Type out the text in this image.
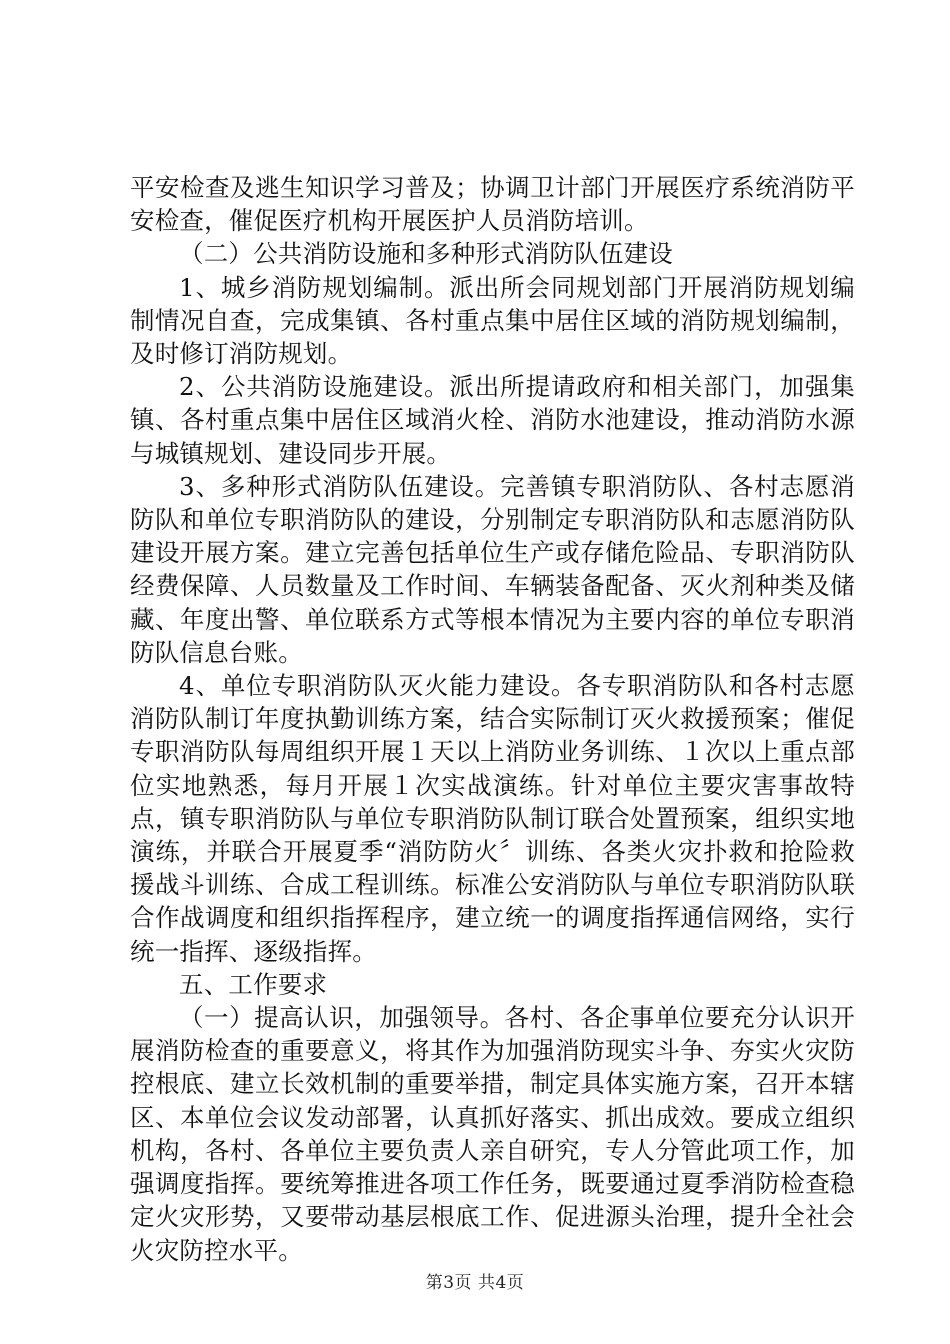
平安检查及逃生知识学习普及；协调卫计部门开展医疗系统消防平安检查，催促医疗机构开展医护人员消防培训。

（二）公共消防设施和多种形式消防队伍建设

1、城乡消防规划编制。派出所会同规划部门开展消防规划编制情况自查，完成集镇、各村重点集中居住区域的消防规划编制，及时修订消防规划。

2、公共消防设施建设。派出所提请政府和相关部门，加强集镇、各村重点集中居住区域消火栓、消防水池建设，推动消防水源与城镇规划、建设同步开展。

3、多种形式消防队伍建设。完善镇专职消防队、各村志愿消防队和单位专职消防队的建设，分别制定专职消防队和志愿消防队建设开展方案。建立完善包括单位生产或存储危险品、专职消防队经费保障、人员数量及工作时间、车辆装备配备、灭火剂种类及储藏、年度出警、单位联系方式等根本情况为主要内容的单位专职消防队信息台账。

4、单位专职消防队灭火能力建设。各专职消防队和各村志愿消防队制订年度执勤训练方案，结合实际制订灭火救援预案；催促专职消防队每周组织开展１天以上消防业务训练、１次以上重点部位实地熟悉，每月开展１次实战演练。针对单位主要灾害事故特点，镇专职消防队与单位专职消防队制订联合处置预案，组织实地演练，并联合开展夏季“消防防火〞训练、各类火灾扑救和抢险救援战斗训练、合成工程训练。标准公安消防队与单位专职消防队联合作战调度和组织指挥程序，建立统一的调度指挥通信网络，实行统一指挥、逐级指挥。

五、工作要求

（一）提高认识，加强领导。各村、各企事单位要充分认识开展消防检查的重要意义，将其作为加强消防现实斗争、夯实火灾防控根底、建立长效机制的重要举措，制定具体实施方案，召开本辖区、本单位会议发动部署，认真抓好落实、抓出成效。要成立组织机构，各村、各单位主要负责人亲自研究，专人分管此项工作，加强调度指挥。要统筹推进各项工作任务，既要通过夏季消防检查稳定火灾形势，又要带动基层根底工作、促进源头治理，提升全社会火灾防控水平。

第3页 共4页
